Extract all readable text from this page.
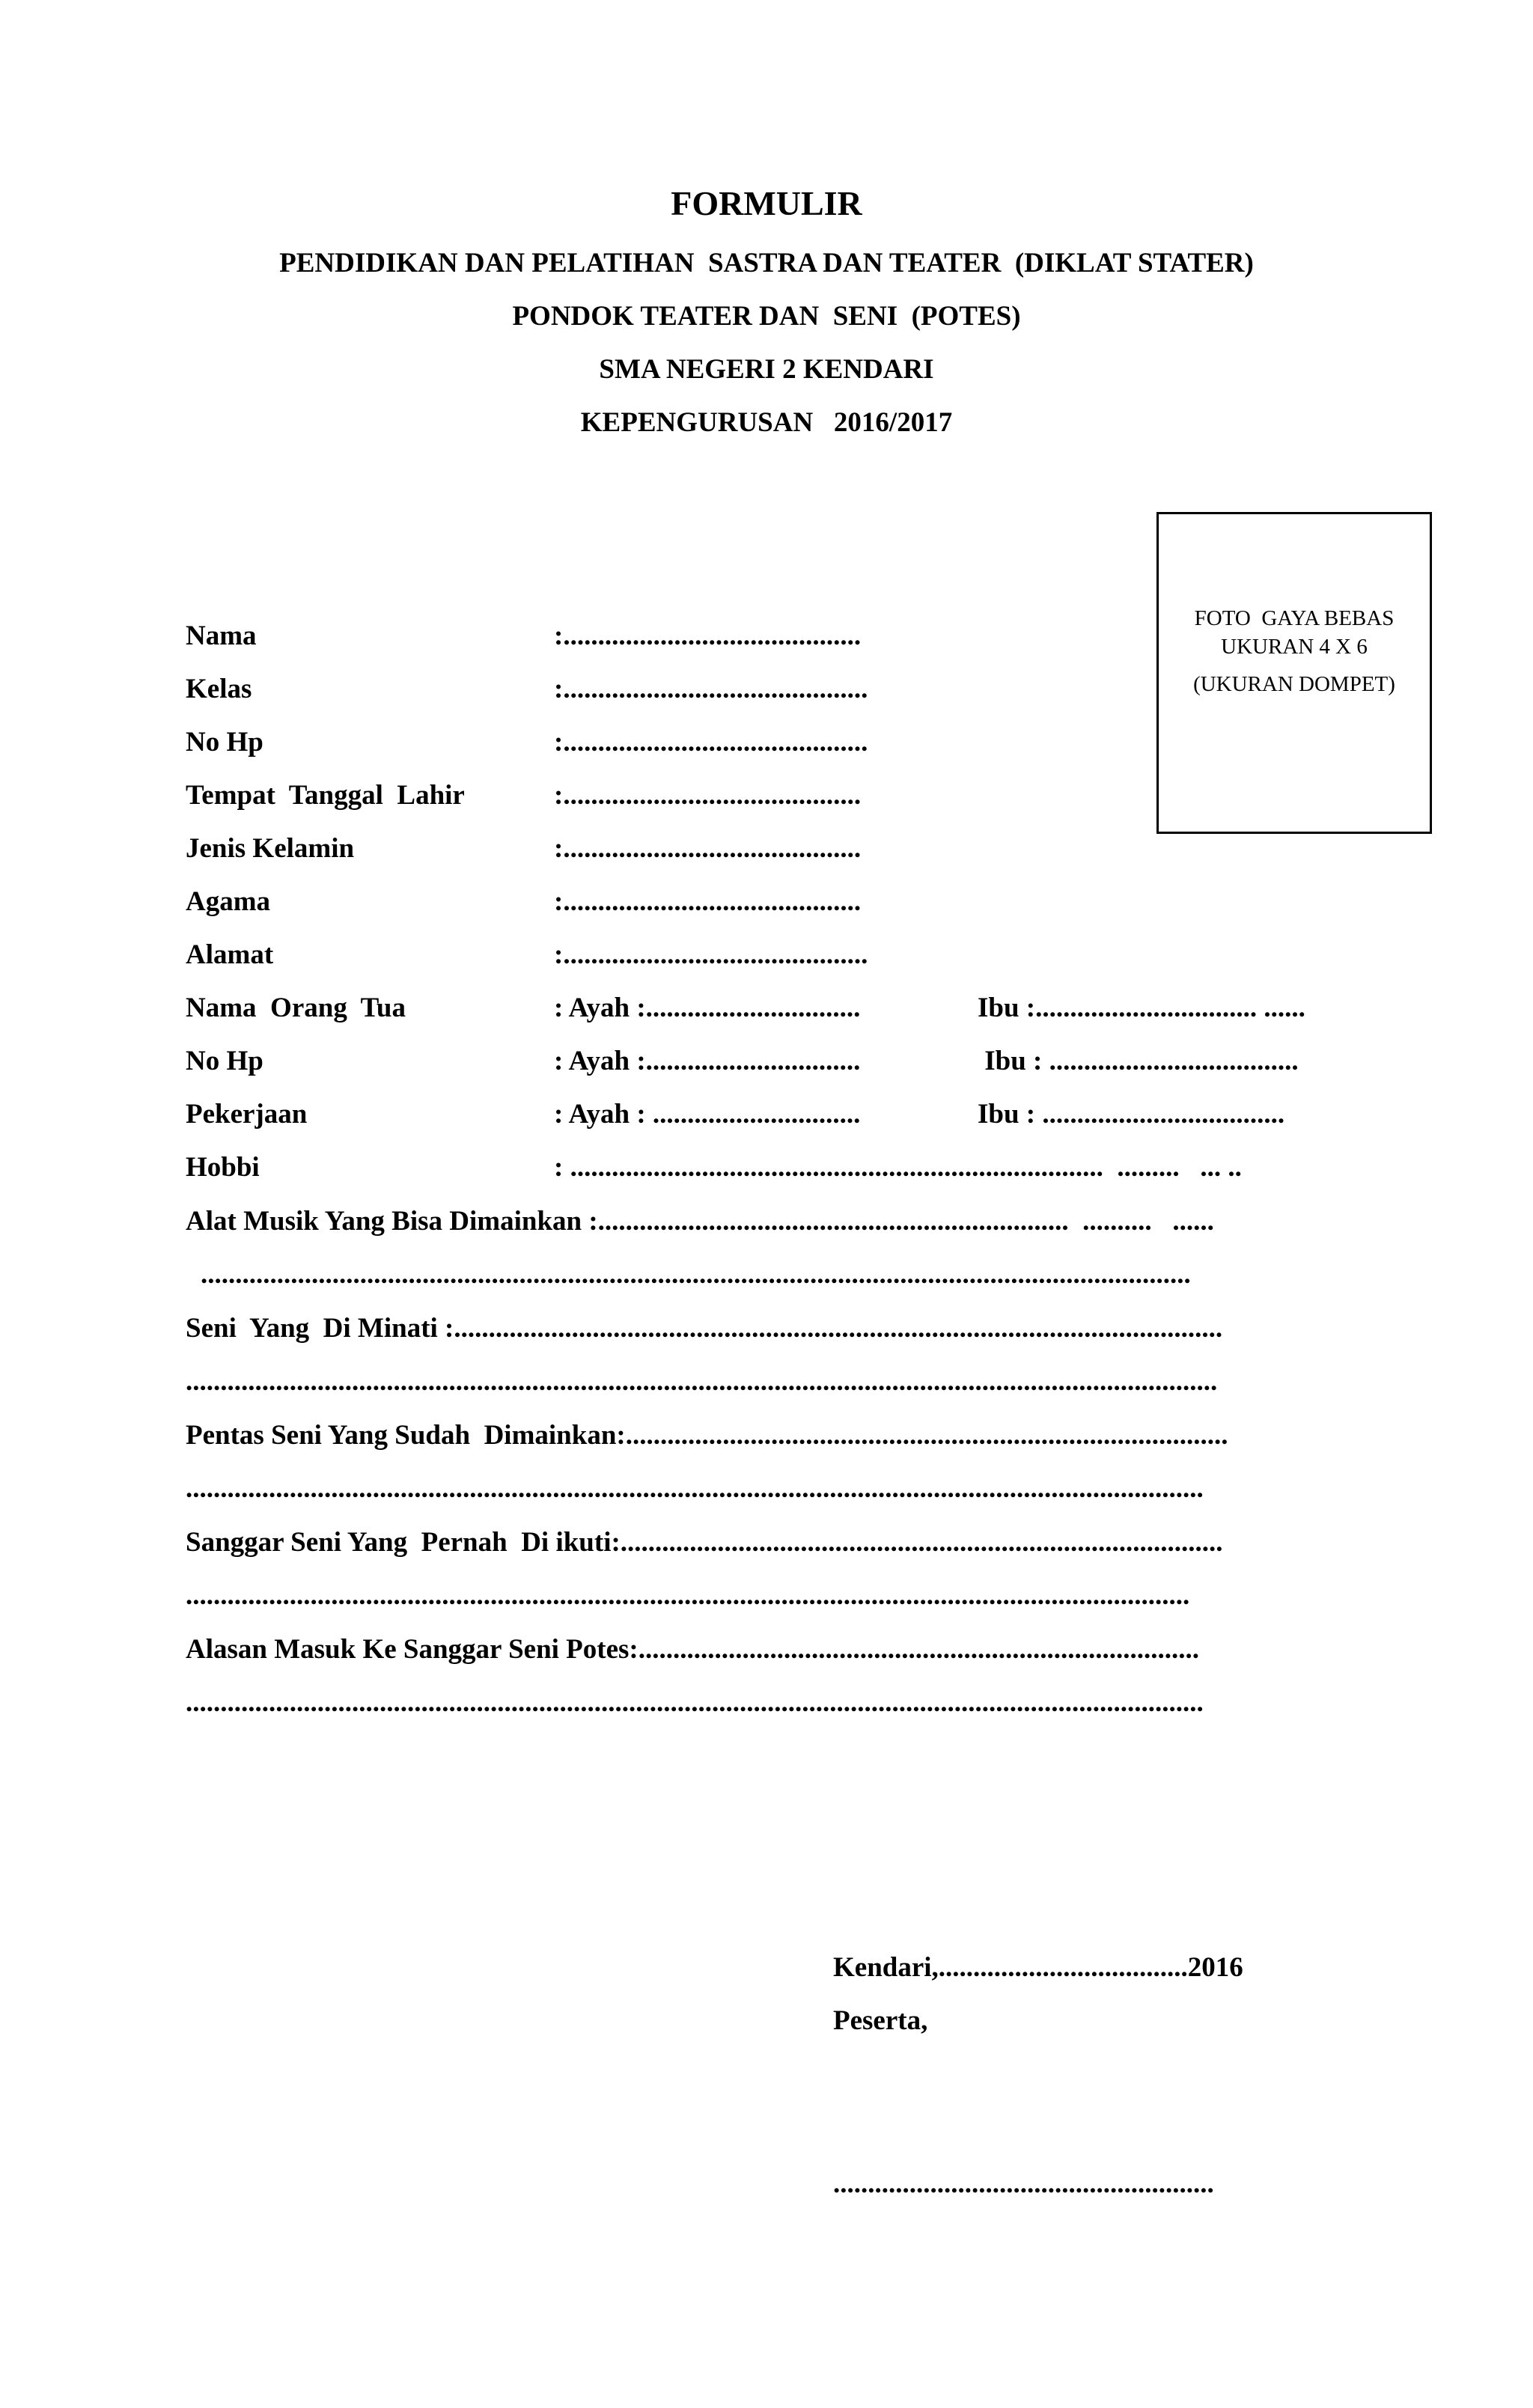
FORMULIR
PENDIDIKAN DAN PELATIHAN  SASTRA DAN TEATER  (DIKLAT STATER)
PONDOK TEATER DAN  SENI  (POTES)
SMA NEGERI 2 KENDARI
KEPENGURUSAN   2016/2017
FOTO  GAYA BEBAS
UKURAN 4 X 6
(UKURAN DOMPET)

Nama

	:...........................................

Kelas

	:............................................

No Hp

	:............................................

Tempat  Tanggal  Lahir

	:...........................................

Jenis Kelamin

	:...........................................

Agama

	:...........................................

Alamat

	:............................................

Nama  Orang  Tua

	: Ayah :...............................

	Ibu :................................ ......

No Hp

	: Ayah :...............................

	Ibu : ....................................

Pekerjaan

	: Ayah : ..............................

	Ibu : ...................................

Hobbi

	: .............................................................................  .........   ... ..

Alat Musik Yang Bisa Dimainkan :....................................................................  ..........   ......

...............................................................................................................................................

Seni  Yang  Di Minati :...............................................................................................................

.....................................................................................................................................................

Pentas Seni Yang Sudah  Dimainkan:.......................................................................................

...................................................................................................................................................

Sanggar Seni Yang  Pernah  Di ikuti:.......................................................................................

.................................................................................................................................................

Alasan Masuk Ke Sanggar Seni Potes:.................................................................................

...................................................................................................................................................

Kendari,....................................2016
Peserta,
.......................................................
